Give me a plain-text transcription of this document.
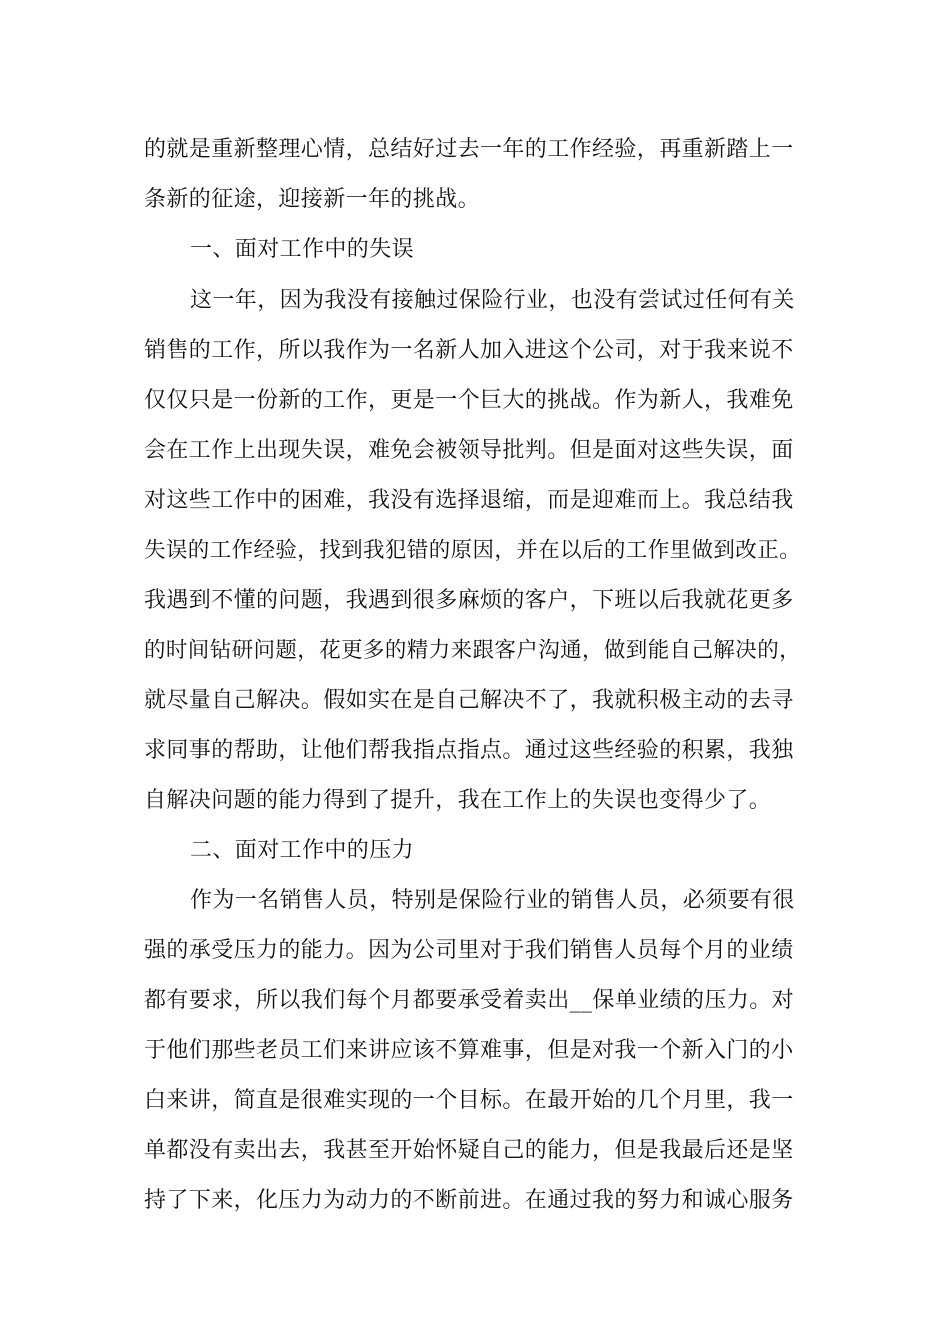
的就是重新整理心情，总结好过去一年的工作经验，再重新踏上一
条新的征途，迎接新一年的挑战。
一、面对工作中的失误
这一年，因为我没有接触过保险行业，也没有尝试过任何有关
销售的工作，所以我作为一名新人加入进这个公司，对于我来说不
仅仅只是一份新的工作，更是一个巨大的挑战。作为新人，我难免
会在工作上出现失误，难免会被领导批判。但是面对这些失误，面
对这些工作中的困难，我没有选择退缩，而是迎难而上。我总结我
失误的工作经验，找到我犯错的原因，并在以后的工作里做到改正。
我遇到不懂的问题，我遇到很多麻烦的客户，下班以后我就花更多
的时间钻研问题，花更多的精力来跟客户沟通，做到能自己解决的，
就尽量自己解决。假如实在是自己解决不了，我就积极主动的去寻
求同事的帮助，让他们帮我指点指点。通过这些经验的积累，我独
自解决问题的能力得到了提升，我在工作上的失误也变得少了。
二、面对工作中的压力
作为一名销售人员，特别是保险行业的销售人员，必须要有很
强的承受压力的能力。因为公司里对于我们销售人员每个月的业绩
都有要求，所以我们每个月都要承受着卖出__保单业绩的压力。对
于他们那些老员工们来讲应该不算难事，但是对我一个新入门的小
白来讲，简直是很难实现的一个目标。在最开始的几个月里，我一
单都没有卖出去，我甚至开始怀疑自己的能力，但是我最后还是坚
持了下来，化压力为动力的不断前进。在通过我的努力和诚心服务
